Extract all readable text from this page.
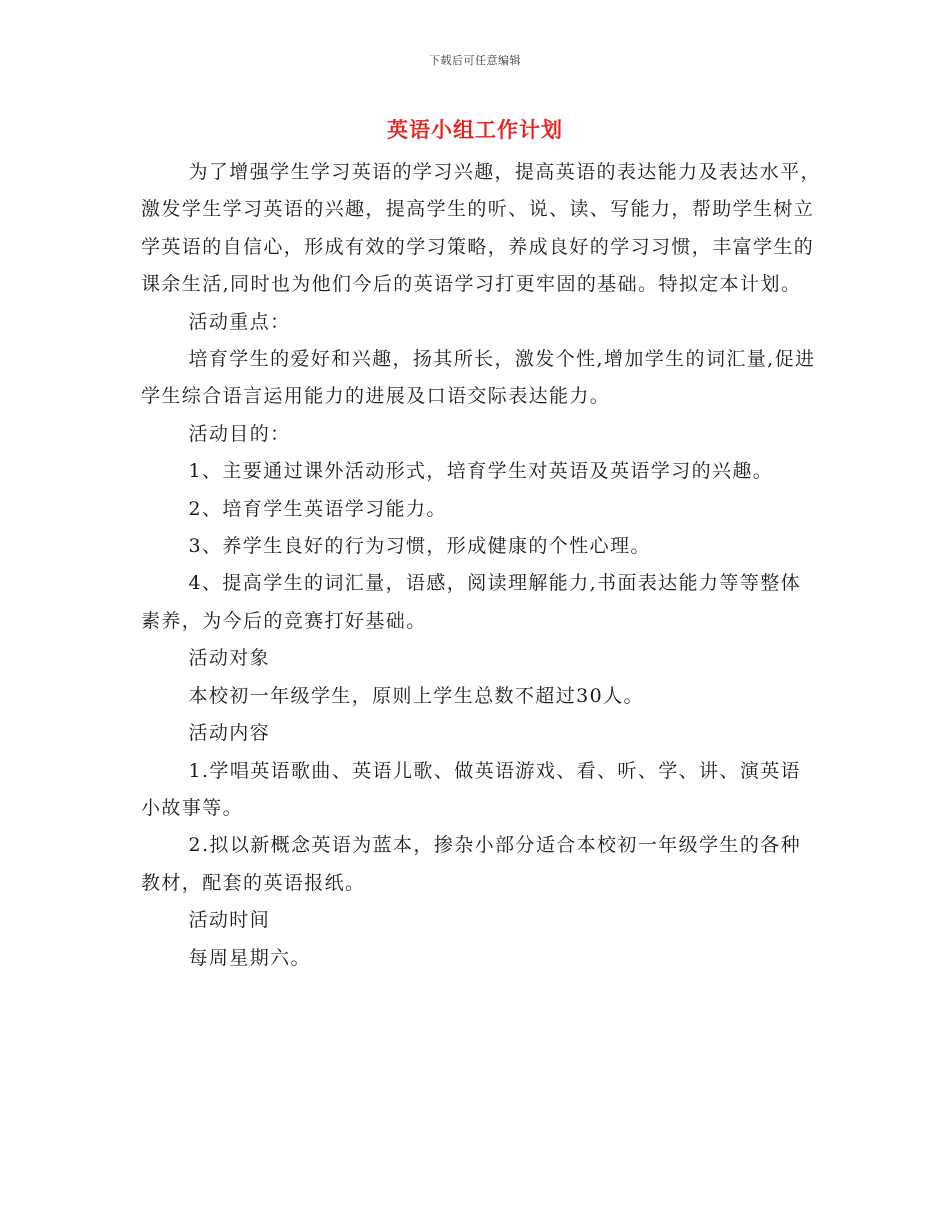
下载后可任意编辑
英语小组工作计划

为了增强学生学习英语的学习兴趣，提高英语的表达能力及表达水平，激发学生学习英语的兴趣，提高学生的听、说、读、写能力，帮助学生树立学英语的自信心，形成有效的学习策略，养成良好的学习习惯，丰富学生的课余生活,同时也为他们今后的英语学习打更牢固的基础。特拟定本计划。

活动重点：

培育学生的爱好和兴趣，扬其所长，激发个性,增加学生的词汇量,促进学生综合语言运用能力的进展及口语交际表达能力。

活动目的：

1、主要通过课外活动形式，培育学生对英语及英语学习的兴趣。

2、培育学生英语学习能力。

3、养学生良好的行为习惯，形成健康的个性心理。

4、提高学生的词汇量，语感，阅读理解能力,书面表达能力等等整体素养，为今后的竞赛打好基础。

活动对象

本校初一年级学生，原则上学生总数不超过30人。

活动内容

1.学唱英语歌曲、英语儿歌、做英语游戏、看、听、学、讲、演英语小故事等。

2.拟以新概念英语为蓝本，掺杂小部分适合本校初一年级学生的各种教材，配套的英语报纸。

活动时间

每周星期六。
